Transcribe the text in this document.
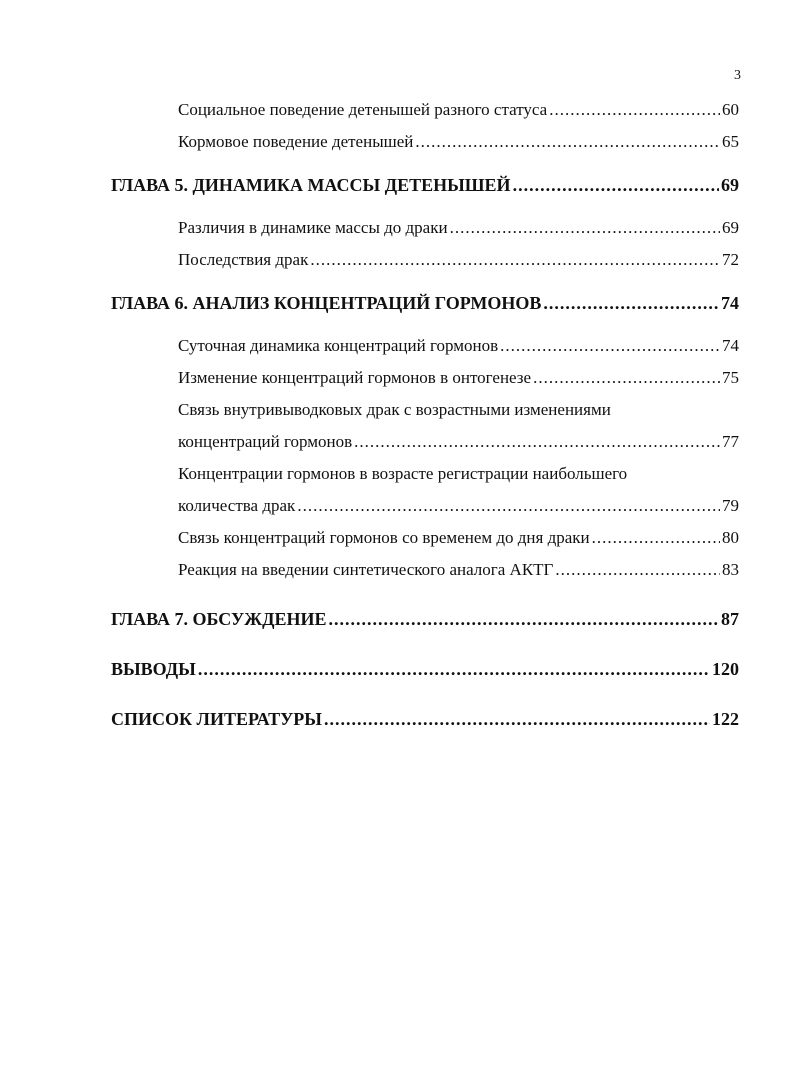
3
Социальное поведение детенышей разного статуса .....	60
Кормовое поведение детенышей .....	65
ГЛАВА 5. ДИНАМИКА МАССЫ ДЕТЕНЫШЕЙ .....	69
Различия в динамике массы до драки .....	69
Последствия драк .....	72
ГЛАВА 6. АНАЛИЗ КОНЦЕНТРАЦИЙ ГОРМОНОВ .....	74
Суточная динамика концентраций гормонов .....	74
Изменение концентраций гормонов в онтогенезе .....	75
Связь внутривыводковых драк с возрастными изменениями
концентраций гормонов .....	77
Концентрации гормонов в возрасте регистрации наибольшего
количества драк .....	79
Связь концентраций гормонов со временем до дня драки .....	80
Реакция на введении синтетического аналога АКТГ .....	83
ГЛАВА 7. ОБСУЖДЕНИЕ .....	87
ВЫВОДЫ .....	120
СПИСОК ЛИТЕРАТУРЫ .....	122
